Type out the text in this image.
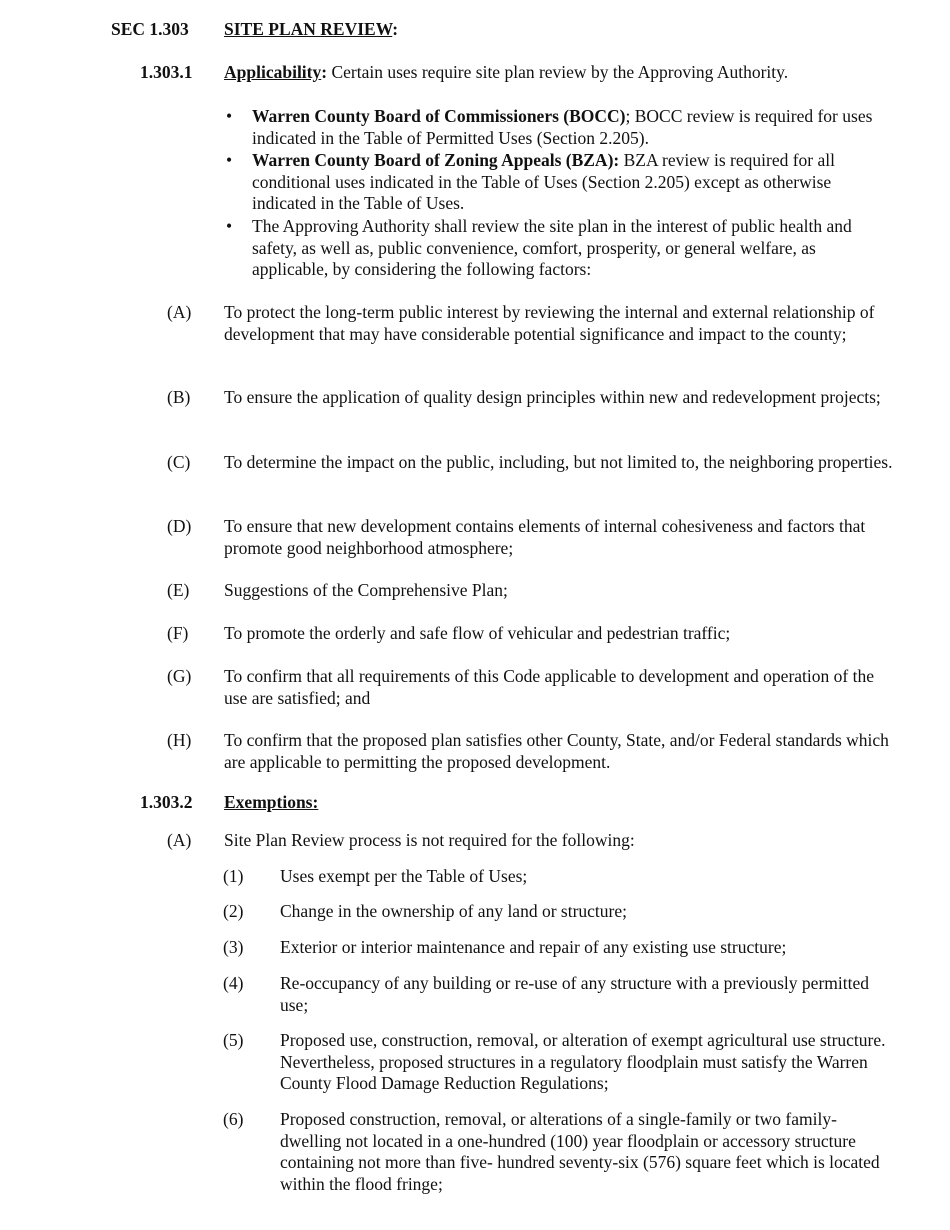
SEC 1.303 SITE PLAN REVIEW:
1.303.1 Applicability: Certain uses require site plan review by the Approving Authority.
• Warren County Board of Commissioners (BOCC); BOCC review is required for uses indicated in the Table of Permitted Uses (Section 2.205).
• Warren County Board of Zoning Appeals (BZA): BZA review is required for all conditional uses indicated in the Table of Uses (Section 2.205) except as otherwise indicated in the Table of Uses.
• The Approving Authority shall review the site plan in the interest of public health and safety, as well as, public convenience, comfort, prosperity, or general welfare, as applicable, by considering the following factors:
(A) To protect the long-term public interest by reviewing the internal and external relationship of development that may have considerable potential significance and impact to the county;
(B) To ensure the application of quality design principles within new and redevelopment projects;
(C) To determine the impact on the public, including, but not limited to, the neighboring properties.
(D) To ensure that new development contains elements of internal cohesiveness and factors that promote good neighborhood atmosphere;
(E) Suggestions of the Comprehensive Plan;
(F) To promote the orderly and safe flow of vehicular and pedestrian traffic;
(G) To confirm that all requirements of this Code applicable to development and operation of the use are satisfied; and
(H) To confirm that the proposed plan satisfies other County, State, and/or Federal standards which are applicable to permitting the proposed development.
1.303.2 Exemptions:
(A) Site Plan Review process is not required for the following:
(1) Uses exempt per the Table of Uses;
(2) Change in the ownership of any land or structure;
(3) Exterior or interior maintenance and repair of any existing use structure;
(4) Re-occupancy of any building or re-use of any structure with a previously permitted use;
(5) Proposed use, construction, removal, or alteration of exempt agricultural use structure. Nevertheless, proposed structures in a regulatory floodplain must satisfy the Warren County Flood Damage Reduction Regulations;
(6) Proposed construction, removal, or alterations of a single-family or two family-dwelling not located in a one-hundred (100) year floodplain or accessory structure containing not more than five- hundred seventy-six (576) square feet which is located within the flood fringe;
